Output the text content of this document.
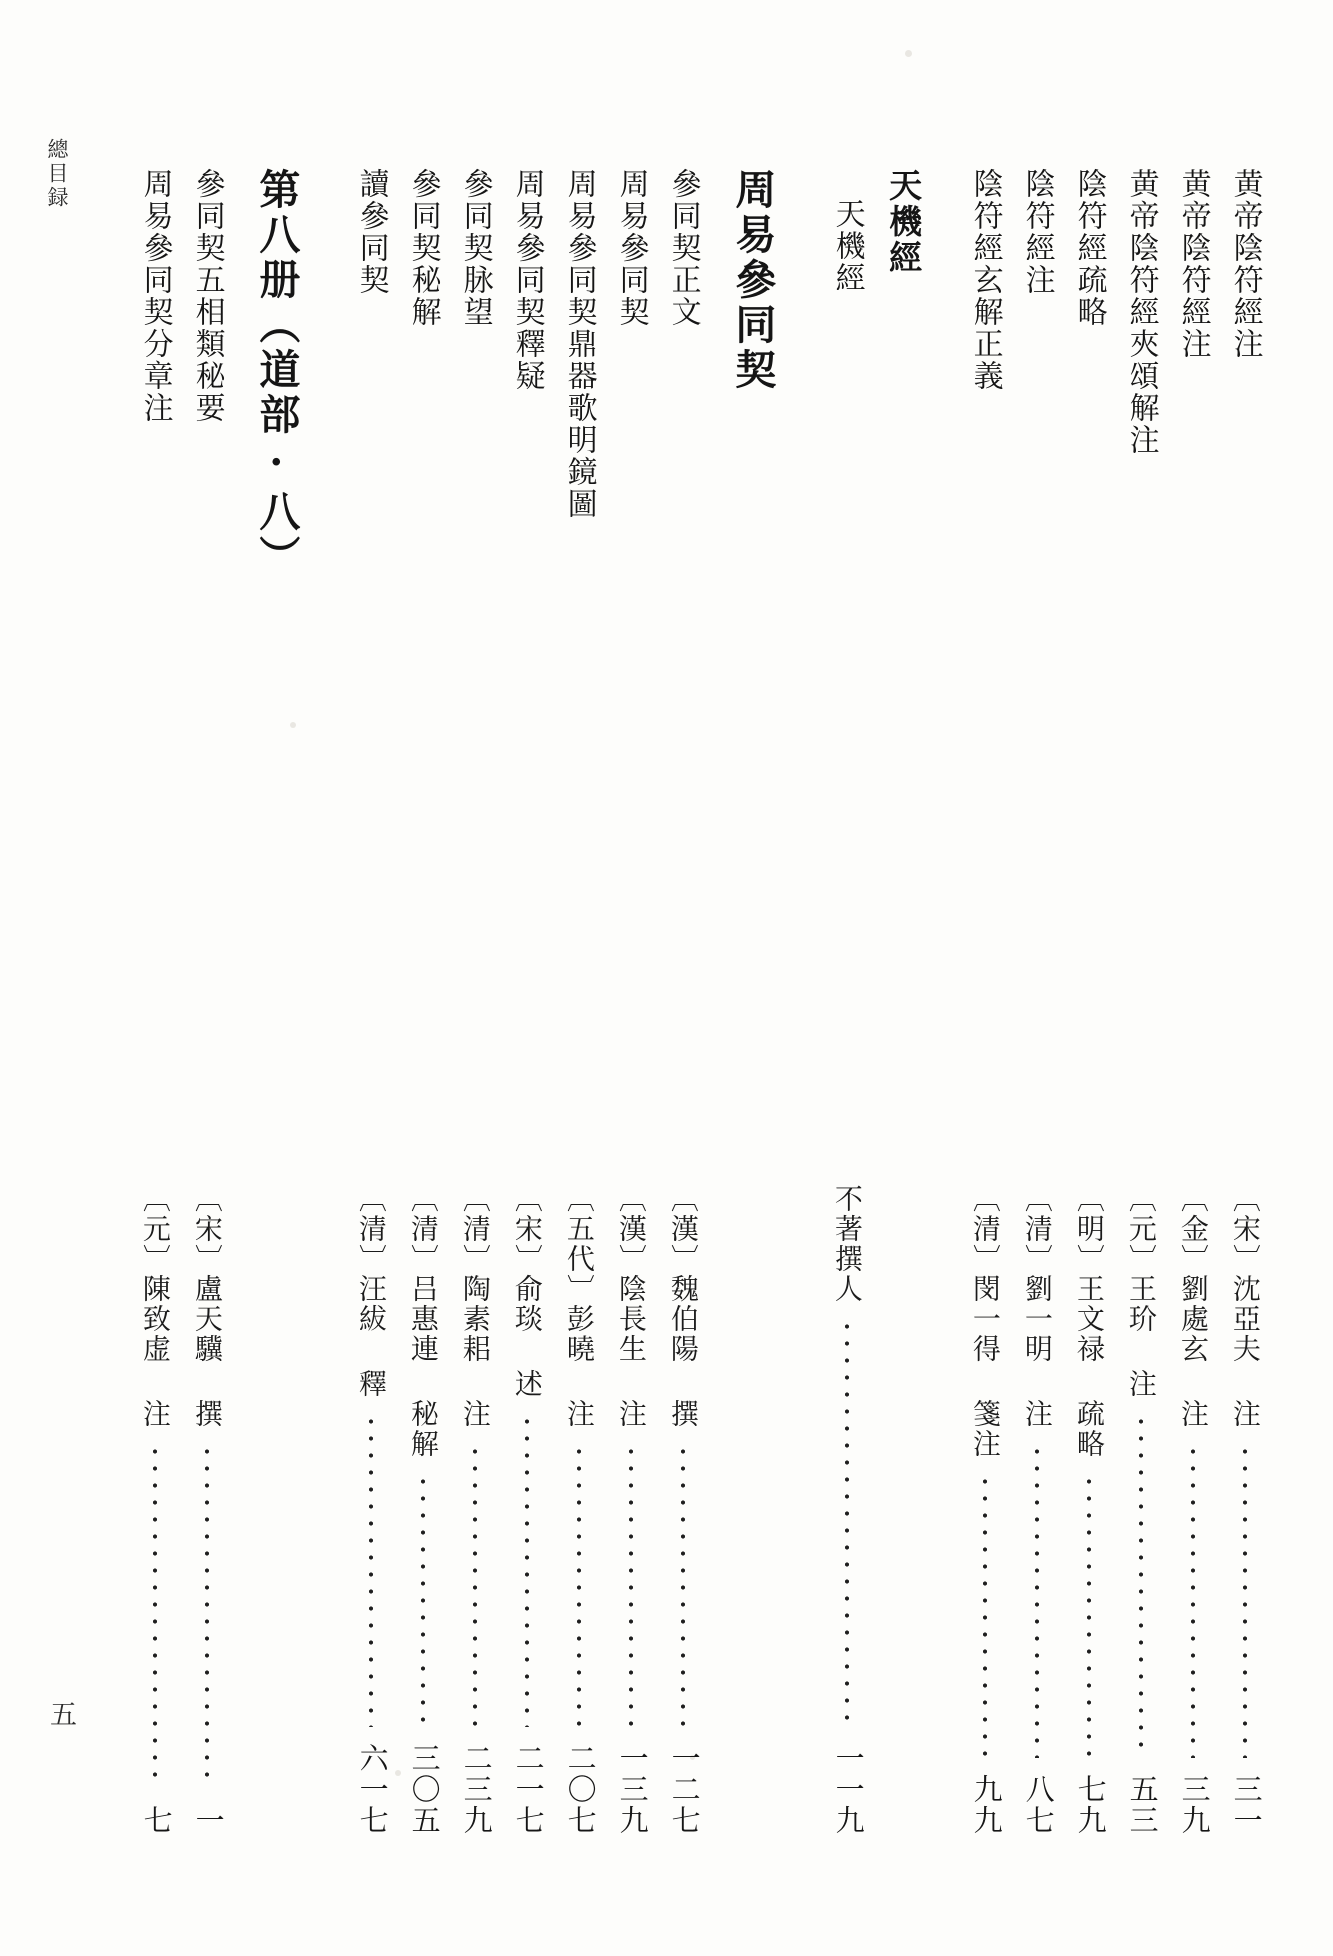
總目録
五
黄帝陰符經注
〔宋〕沈亞夫 注
三一
黄帝陰符經注
〔金〕劉處玄 注
三九
黄帝陰符經夾頌解注
〔元〕王玠 注
五三
陰符經疏略
〔明〕王文禄 疏略
七九
陰符經注
〔清〕劉一明 注
八七
陰符經玄解正義
〔清〕閔一得 箋注
九九
天機經
天機經
不著撰人
一一九
周易參同契
參同契正文
〔漢〕魏伯陽 撰
一二七
周易參同契
〔漢〕陰長生 注
一三九
周易參同契鼎器歌明鏡圖
〔五代〕彭曉 注
二〇七
周易參同契釋疑
〔宋〕俞琰 述
二一七
參同契脉望
〔清〕陶素耜 注
二三九
參同契秘解
〔清〕吕惠連 秘解
三〇五
讀參同契
〔清〕汪紱 釋
六一七
第八册（道部·八）
參同契五相類秘要
〔宋〕盧天驥 撰
一
周易參同契分章注
〔元〕陳致虚 注
七
